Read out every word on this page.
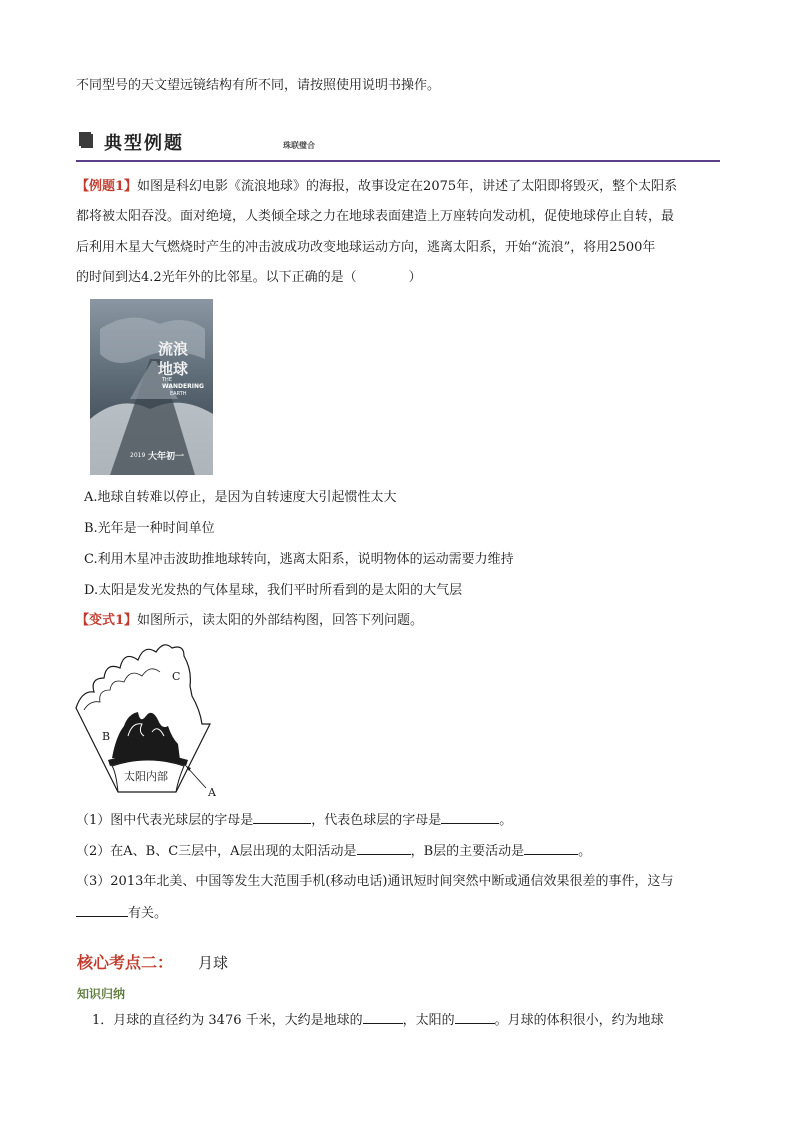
不同型号的天文望远镜结构有所不同，请按照使用说明书操作。
典型例题	珠联璧合
【例题1】如图是科幻电影《流浪地球》的海报，故事设定在2075年，讲述了太阳即将毁灭，整个太阳系
都将被太阳吞没。面对绝境，人类倾全球之力在地球表面建造上万座转向发动机，促使地球停止自转，最
后利用木星大气燃烧时产生的冲击波成功改变地球运动方向，逃离太阳系，开始“流浪”，将用2500年
的时间到达4.2光年外的比邻星。以下正确的是（　　　　）
流浪
地球
THE
WANDERING
EARTH
2019 大年初一
A.地球自转难以停止，是因为自转速度大引起惯性太大
B.光年是一种时间单位
C.利用木星冲击波助推地球转向，逃离太阳系，说明物体的运动需要力维持
D.太阳是发光发热的气体星球，我们平时所看到的是太阳的大气层
【变式1】如图所示，读太阳的外部结构图，回答下列问题。
C
B
A
太阳内部
（1）图中代表光球层的字母是	，代表色球层的字母是	。
（2）在A、B、C三层中，A层出现的太阳活动是	，B层的主要活动是	。
（3）2013年北美、中国等发生大范围手机(移动电话)通讯短时间突然中断或通信效果很差的事件，这与
有关。
核心考点二： 月球
知识归纳
1．月球的直径约为 3476 千米，大约是地球的	，太阳的	。月球的体积很小，约为地球
